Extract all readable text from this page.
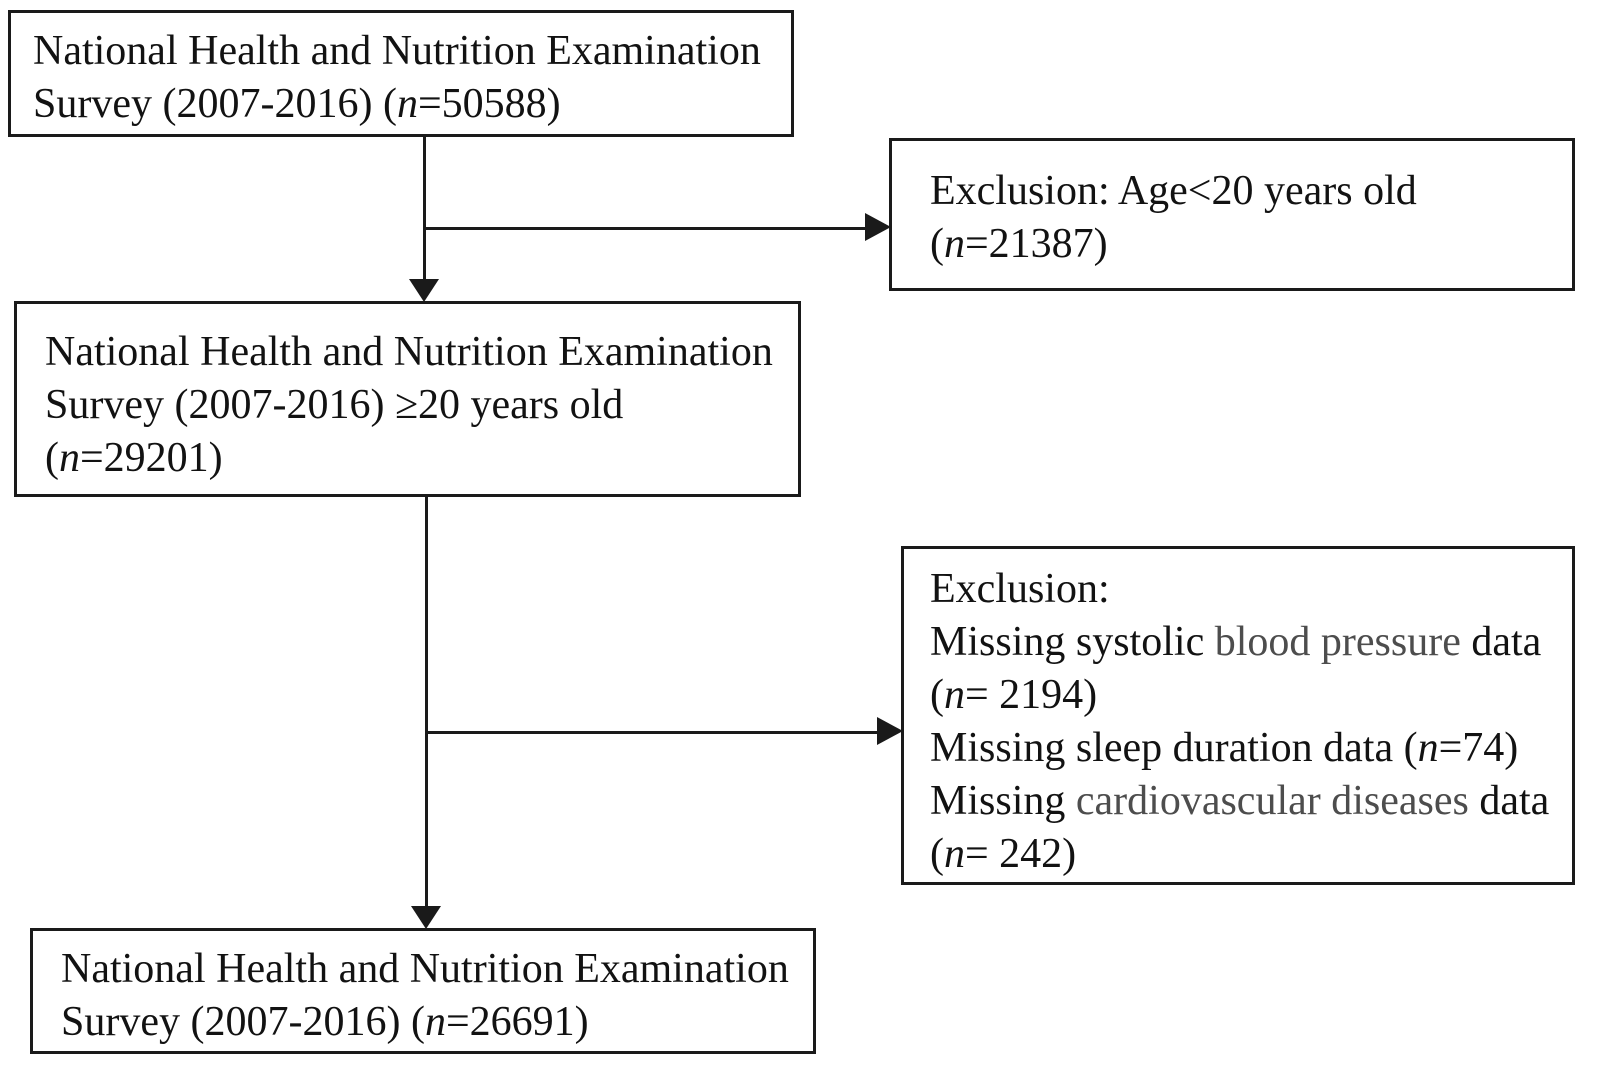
National Health and Nutrition Examination
Survey (2007-2016) (n=50588)
Exclusion: Age<20 years old
(n=21387)
National Health and Nutrition Examination
Survey (2007-2016) ≥20 years old
(n=29201)
Exclusion:
Missing systolic blood pressure data
(n= 2194)
Missing sleep duration data (n=74)
Missing cardiovascular diseases data
(n= 242)
National Health and Nutrition Examination
Survey (2007-2016) (n=26691)
